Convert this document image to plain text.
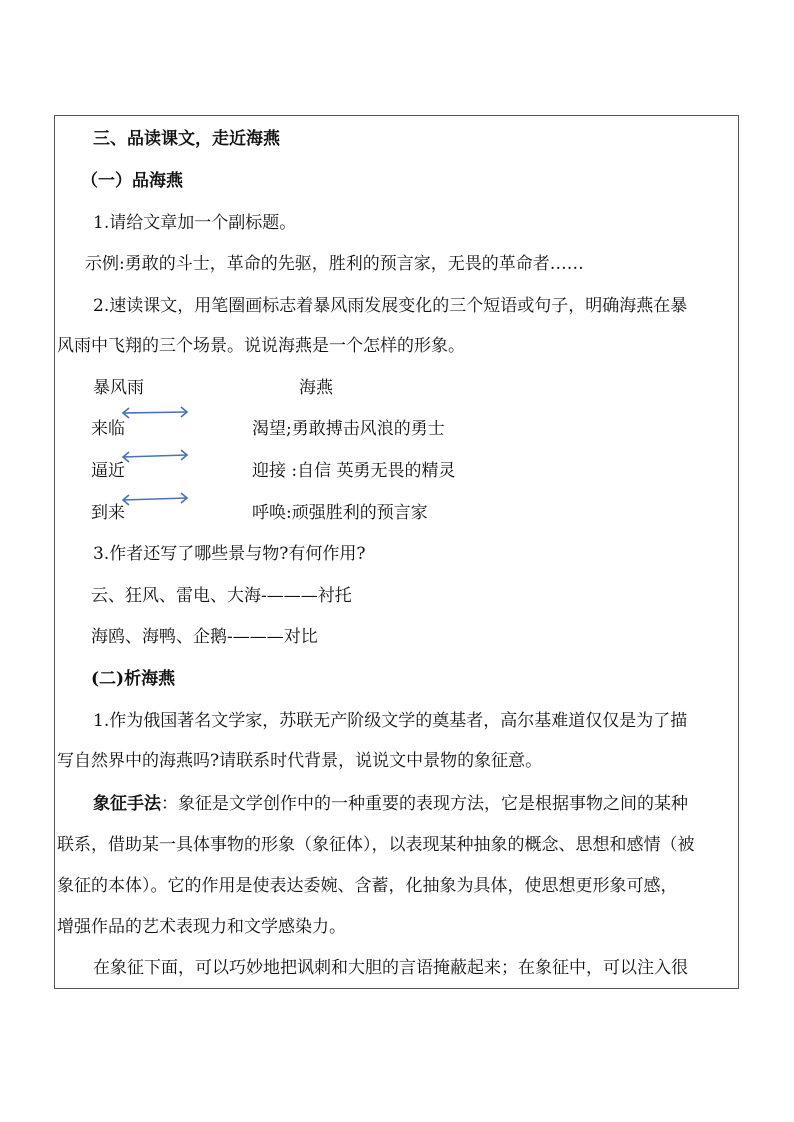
三、品读课文，走近海燕
（一）品海燕
1.请给文章加一个副标题。
示例:勇敢的斗士，革命的先驱，胜利的预言家，无畏的革命者……
2.速读课文，用笔圈画标志着暴风雨发展变化的三个短语或句子，明确海燕在暴
风雨中飞翔的三个场景。说说海燕是一个怎样的形象。
暴风雨	海燕
来临	渴望;勇敢搏击风浪的勇士
逼近	迎接 :自信 英勇无畏的精灵
到来	呼唤:顽强胜利的预言家
3.作者还写了哪些景与物?有何作用?
云、狂风、雷电、大海-———衬托
海鸥、海鸭、企鹅-———对比
(二)析海燕
1.作为俄国著名文学家，苏联无产阶级文学的奠基者，高尔基难道仅仅是为了描
写自然界中的海燕吗?请联系时代背景，说说文中景物的象征意。
象征手法：象征是文学创作中的一种重要的表现方法，它是根据事物之间的某种
联系，借助某一具体事物的形象（象征体），以表现某种抽象的概念、思想和感情（被
象征的本体）。它的作用是使表达委婉、含蓄，化抽象为具体，使思想更形象可感，
增强作品的艺术表现力和文学感染力。
在象征下面，可以巧妙地把讽刺和大胆的言语掩蔽起来；在象征中，可以注入很
